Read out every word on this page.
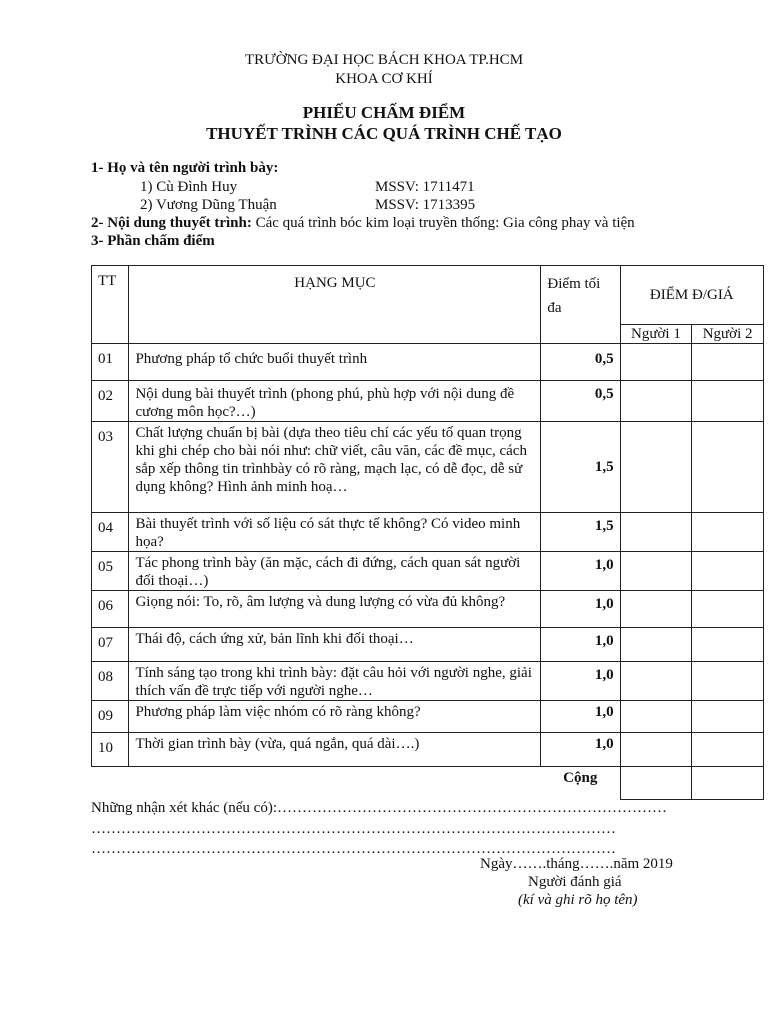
TRƯỜNG ĐẠI HỌC BÁCH KHOA TP.HCM
KHOA CƠ KHÍ
PHIẾU CHẤM ĐIỂM
THUYẾT TRÌNH CÁC QUÁ TRÌNH CHẾ TẠO
1- Họ và tên người trình bày:
1) Cù Đình Huy	MSSV: 1711471
2) Vương Dũng Thuận	MSSV: 1713395
2- Nội dung thuyết trình: Các quá trình bóc kim loại truyền thống: Gia công phay và tiện
3- Phần chấm điểm
TT	HẠNG MỤC	Điểm tối đa	ĐIỂM Đ/GIÁ	
			Người 1	Người 2
01	Phương pháp tổ chức buổi thuyết trình	0,5		
02	Nội dung bài thuyết trình (phong phú, phù hợp với nội dung đề cương môn học?…)	0,5		
03	Chất lượng chuẩn bị bài (dựa theo tiêu chí các yếu tố quan trọng khi ghi chép cho bài nói như: chữ viết, câu văn, các đề mục, cách sắp xếp thông tin trìnhbày có rõ ràng, mạch lạc, có dễ đọc, dễ sử dụng không? Hình ảnh minh hoạ…	1,5		
04	Bài thuyết trình với số liệu có sát thực tế không? Có video minh họa?	1,5		
05	Tác phong trình bày (ăn mặc, cách đi đứng, cách quan sát người đối thoại…)	1,0		
06	Giọng nói: To, rõ, âm lượng và dung lượng có vừa đủ không?	1,0		
07	Thái độ, cách ứng xử, bản lĩnh khi đối thoại…	1,0		
08	Tính sáng tạo trong khi trình bày: đặt câu hỏi với người nghe, giải thích vấn đề trực tiếp với người nghe…	1,0		
09	Phương pháp làm việc nhóm có rõ ràng không?	1,0		
10	Thời gian trình bày (vừa, quá ngắn, quá dài….)	1,0		
		Cộng		
Những nhận xét khác (nếu có):……………………………………………………………………
……………………………………………………………………………………………
……………………………………………………………………………………………
Ngày…….tháng…….năm 2019
Người đánh giá
(kí và ghi rõ họ tên)
